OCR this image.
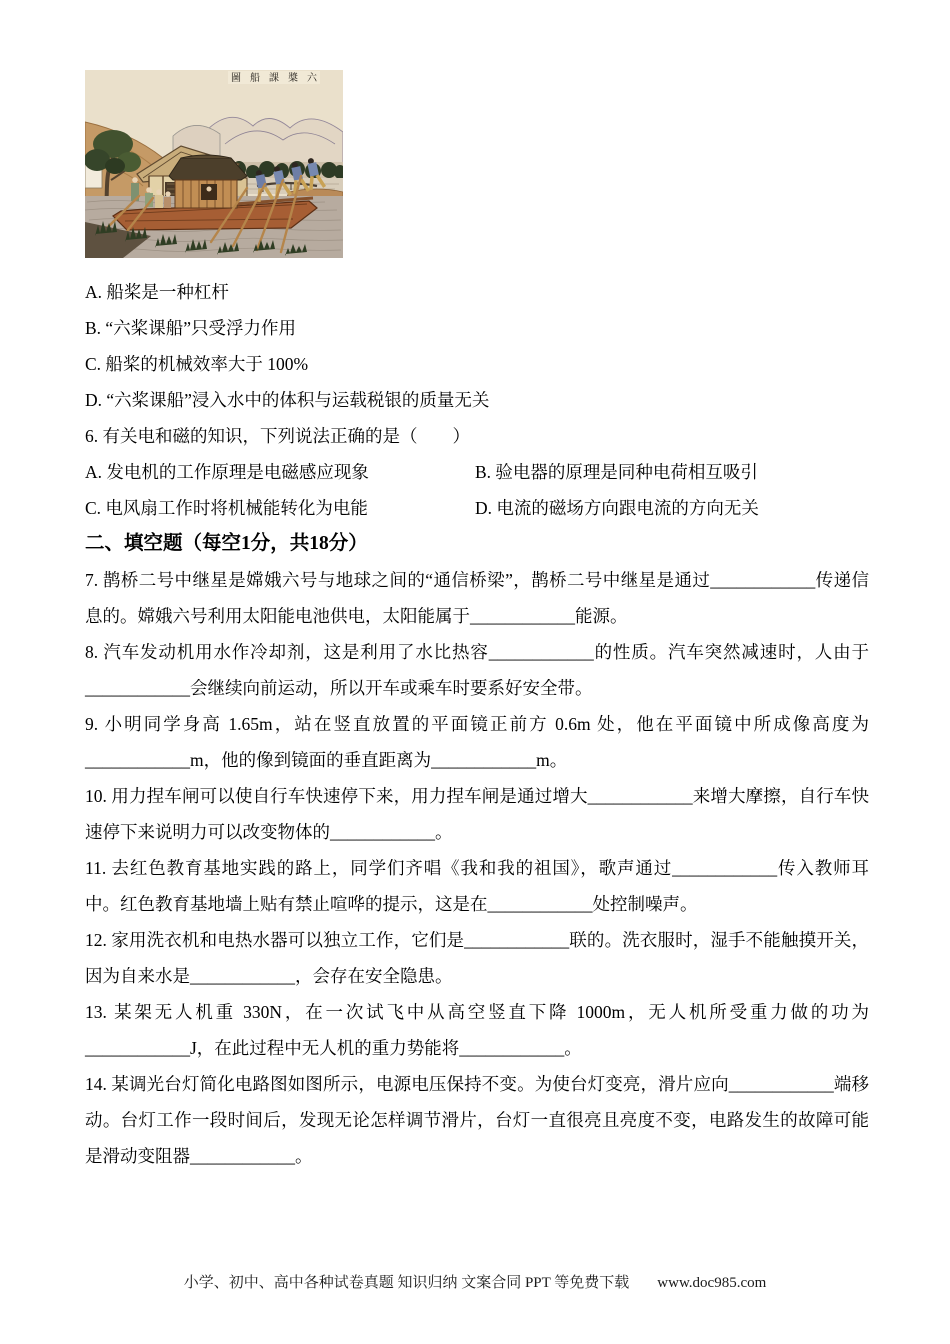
圖 船 課 槳 六
A. 船桨是一种杠杆
B. “六桨课船”只受浮力作用
C. 船桨的机械效率大于 100%
D. “六桨课船”浸入水中的体积与运载税银的质量无关
6. 有关电和磁的知识，下列说法正确的是（　　）
A. 发电机的工作原理是电磁感应现象	B. 验电器的原理是同种电荷相互吸引
C. 电风扇工作时将机械能转化为电能	D. 电流的磁场方向跟电流的方向无关
二、填空题（每空1分，共18分）

7. 鹊桥二号中继星是嫦娥六号与地球之间的“通信桥梁”，鹊桥二号中继星是通过____________传递信息的。嫦娥六号利用太阳能电池供电，太阳能属于____________能源。

8. 汽车发动机用水作冷却剂，这是利用了水比热容____________的性质。汽车突然减速时，人由于____________会继续向前运动，所以开车或乘车时要系好安全带。

9. 小明同学身高 1.65m，站在竖直放置的平面镜正前方 0.6m 处，他在平面镜中所成像高度为____________m，他的像到镜面的垂直距离为____________m。

10. 用力捏车闸可以使自行车快速停下来，用力捏车闸是通过增大____________来增大摩擦，自行车快速停下来说明力可以改变物体的____________。

11. 去红色教育基地实践的路上，同学们齐唱《我和我的祖国》，歌声通过____________传入教师耳中。红色教育基地墙上贴有禁止喧哗的提示，这是在____________处控制噪声。

12. 家用洗衣机和电热水器可以独立工作，它们是____________联的。洗衣服时，湿手不能触摸开关，因为自来水是____________，会存在安全隐患。

13. 某架无人机重 330N，在一次试飞中从高空竖直下降 1000m，无人机所受重力做的功为____________J，在此过程中无人机的重力势能将____________。

14. 某调光台灯简化电路图如图所示，电源电压保持不变。为使台灯变亮，滑片应向____________端移动。台灯工作一段时间后，发现无论怎样调节滑片，台灯一直很亮且亮度不变，电路发生的故障可能是滑动变阻器____________。

小学、初中、高中各种试卷真题 知识归纳 文案合同 PPT 等免费下载 www.doc985.com
